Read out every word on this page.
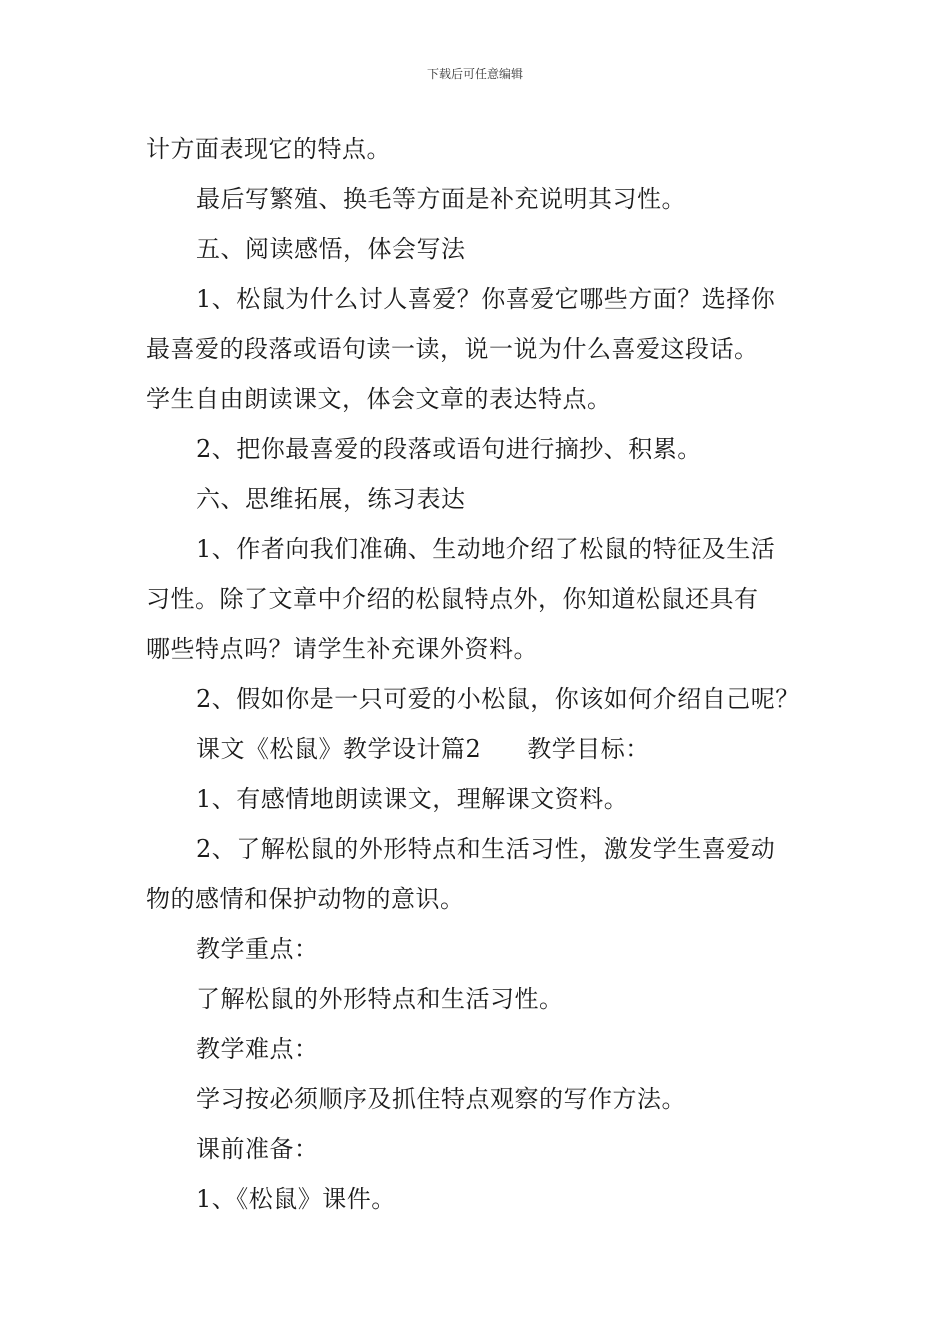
下载后可任意编辑
计方面表现它的特点。
最后写繁殖、换毛等方面是补充说明其习性。
五、阅读感悟，体会写法
1、松鼠为什么讨人喜爱？你喜爱它哪些方面？选择你
最喜爱的段落或语句读一读，说一说为什么喜爱这段话。
学生自由朗读课文，体会文章的表达特点。
2、把你最喜爱的段落或语句进行摘抄、积累。
六、思维拓展，练习表达
1、作者向我们准确、生动地介绍了松鼠的特征及生活
习性。除了文章中介绍的松鼠特点外，你知道松鼠还具有
哪些特点吗？请学生补充课外资料。
2、假如你是一只可爱的小松鼠，你该如何介绍自己呢？
课文《松鼠》教学设计篇2 教学目标：
1、有感情地朗读课文，理解课文资料。
2、了解松鼠的外形特点和生活习性，激发学生喜爱动
物的感情和保护动物的意识。
教学重点：
了解松鼠的外形特点和生活习性。
教学难点：
学习按必须顺序及抓住特点观察的写作方法。
课前准备：
1、《松鼠》课件。
